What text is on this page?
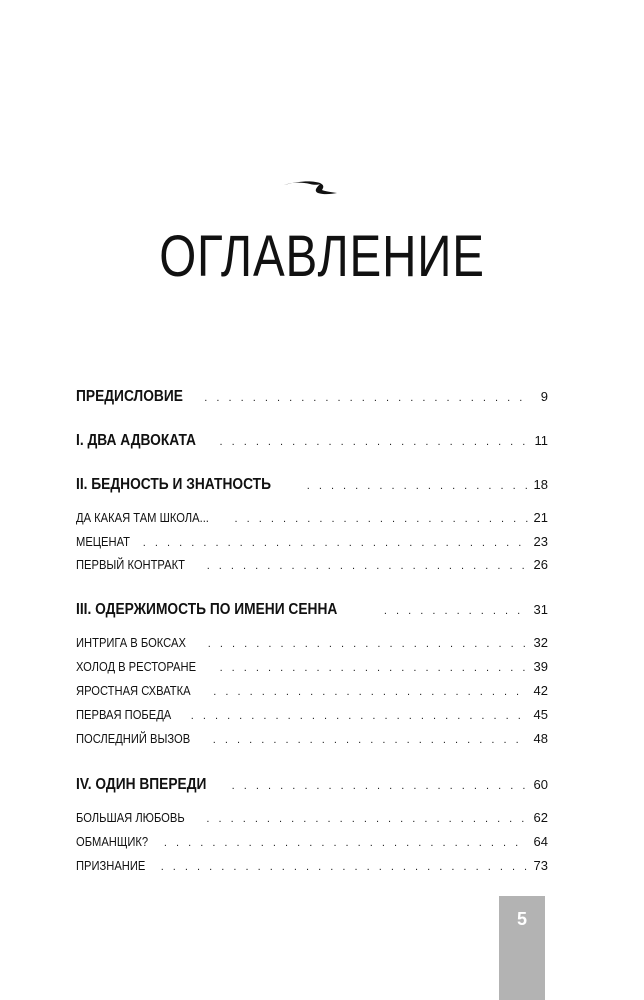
ОГЛАВЛЕНИЕ
ПРЕДИСЛОВИЕ . . .	9
I. ДВА АДВОКАТА . . .	11
II. БЕДНОСТЬ И ЗНАТНОСТЬ . . .	18
ДА КАКАЯ ТАМ ШКОЛА... . . .	21
МЕЦЕНАТ . . .	23
ПЕРВЫЙ КОНТРАКТ . . .	26
III. ОДЕРЖИМОСТЬ ПО ИМЕНИ СЕННА . . .	31
ИНТРИГА В БОКСАХ . . .	32
ХОЛОД В РЕСТОРАНЕ . . .	39
ЯРОСТНАЯ СХВАТКА . . .	42
ПЕРВАЯ ПОБЕДА . . .	45
ПОСЛЕДНИЙ ВЫЗОВ . . .	48
IV. ОДИН ВПЕРЕДИ . . .	60
БОЛЬШАЯ ЛЮБОВЬ . . .	62
ОБМАНЩИК? . . .	64
ПРИЗНАНИЕ . . .	73
5
